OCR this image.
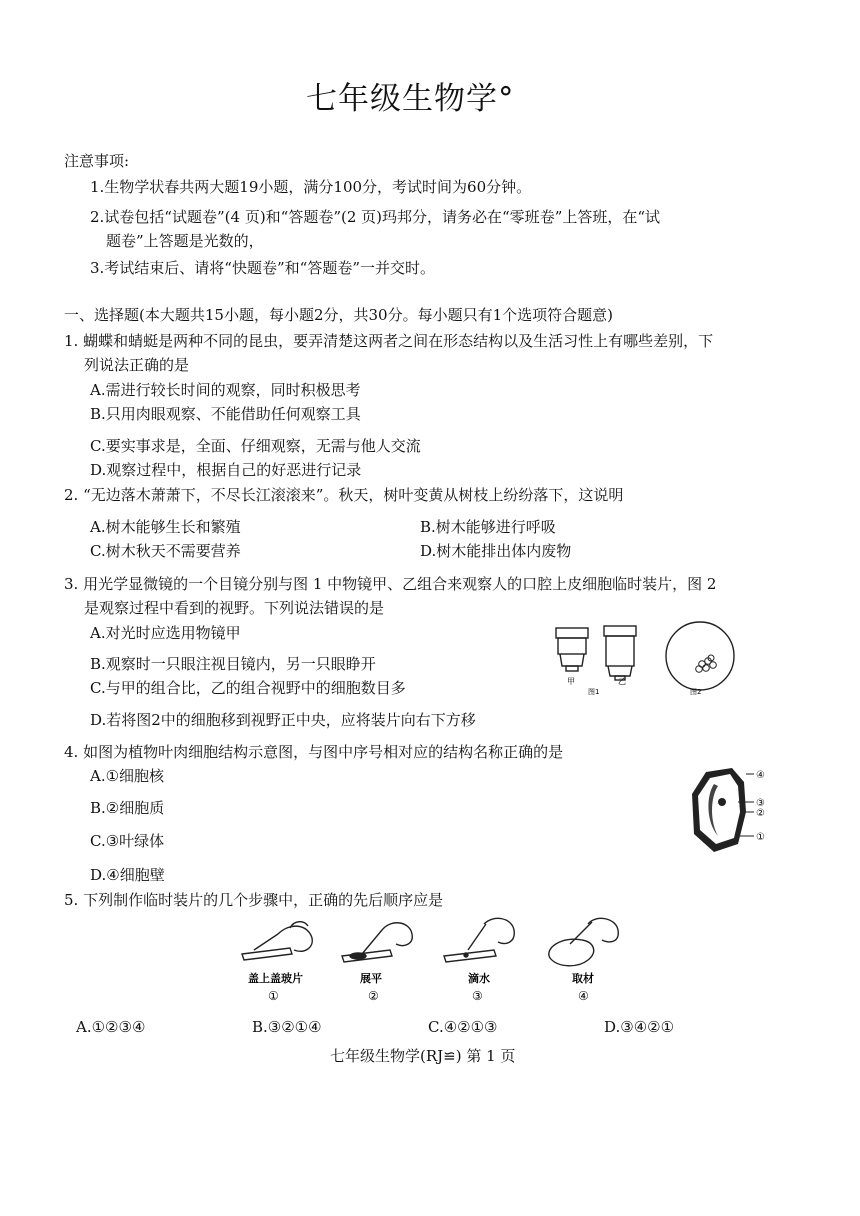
七年级生物学°
注意事项:
1.生物学状春共两大题19小题，满分100分，考试时间为60分钟。
2.试卷包括“试题卷”(4 页)和“答题卷”(2 页)玛邦分，请务必在“零班卷”上答班，在“试
题卷”上答题是光数的，
3.考试结束后、请将“快题卷”和“答题卷”一并交时。
一、选择题(本大题共15小题，每小题2分，共30分。每小题只有1个选项符合题意)
1. 蝴蝶和蜻蜓是两种不同的昆虫，要弄清楚这两者之间在形态结构以及生活习性上有哪些差别，下
列说法正确的是
A.需进行较长时间的观察，同时积极思考
B.只用肉眼观察、不能借助任何观察工具
C.要实事求是，全面、仔细观察，无需与他人交流
D.观察过程中，根据自己的好恶进行记录
2. “无边落木萧萧下，不尽长江滚滚来”。秋天，树叶变黄从树枝上纷纷落下，这说明
A.树木能够生长和繁殖	B.树木能够进行呼吸
C.树木秋天不需要营养	D.树木能排出体内废物
3. 用光学显微镜的一个目镜分别与图 1 中物镜甲、乙组合来观察人的口腔上皮细胞临时装片，图 2
是观察过程中看到的视野。下列说法错误的是
A.对光时应选用物镜甲
B.观察时一只眼注视目镜内，另一只眼睁开
C.与甲的组合比，乙的组合视野中的细胞数目多
D.若将图2中的细胞移到视野正中央，应将装片向右下方移
甲	乙
图1	图2
4. 如图为植物叶肉细胞结构示意图，与图中序号相对应的结构名称正确的是
A.①细胞核
B.②细胞质
C.③叶绿体
D.④细胞壁
④
③
②
①
5. 下列制作临时装片的几个步骤中，正确的先后顺序应是
盖上盖玻片
①
展平
②
滴水
③
取材
④
A.①②③④	B.③②①④	C.④②①③	D.③④②①
七年级生物学(RJ≌) 第 1 页
